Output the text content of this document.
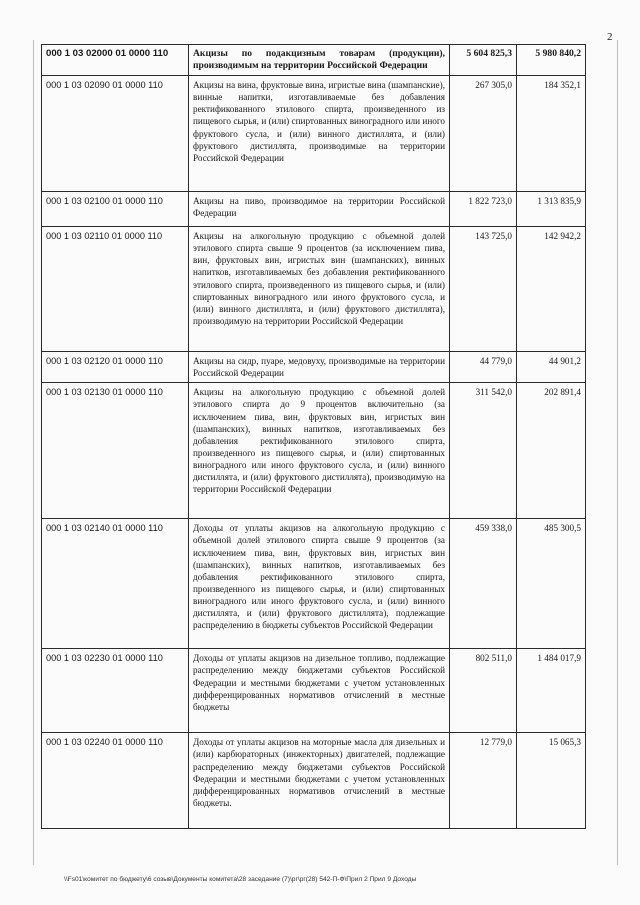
2
000 1 03 02000 01 0000 110	Акцизы по подакцизным товарам (продукции), производимым на территории Российской Федерации	5 604 825,3	5 980 840,2
000 1 03 02090 01 0000 110	Акцизы на вина, фруктовые вина, игристые вина (шампанские), винные напитки, изготавливаемые без добавления ректификованного этилового спирта, произведенного из пищевого сырья, и (или) спиртованных виноградного или иного фруктового сусла, и (или) винного дистиллята, и (или) фруктового дистиллята, производимые на территории Российской Федерации	267 305,0	184 352,1
000 1 03 02100 01 0000 110	Акцизы на пиво, производимое на территории Российской Федерации	1 822 723,0	1 313 835,9
000 1 03 02110 01 0000 110	Акцизы на алкогольную продукцию с объемной долей этилового спирта свыше 9 процентов (за исключением пива, вин, фруктовых вин, игристых вин (шампанских), винных напитков, изготавливаемых без добавления ректификованного этилового спирта, произведенного из пищевого сырья, и (или) спиртованных виноградного или иного фруктового сусла, и (или) винного дистиллята, и (или) фруктового дистиллята), производимую на территории Российской Федерации	143 725,0	142 942,2
000 1 03 02120 01 0000 110	Акцизы на сидр, пуаре, медовуху, производимые на территории Российской Федерации	44 779,0	44 901,2
000 1 03 02130 01 0000 110	Акцизы на алкогольную продукцию с объемной долей этилового спирта до 9 процентов включительно (за исключением пива, вин, фруктовых вин, игристых вин (шампанских), винных напитков, изготавливаемых без добавления ректификованного этилового спирта, произведенного из пищевого сырья, и (или) спиртованных виноградного или иного фруктового сусла, и (или) винного дистиллята, и (или) фруктового дистиллята), производимую на территории Российской Федерации	311 542,0	202 891,4
000 1 03 02140 01 0000 110	Доходы от уплаты акцизов на алкогольную продукцию с объемной долей этилового спирта свыше 9 процентов (за исключением пива, вин, фруктовых вин, игристых вин (шампанских), винных напитков, изготавливаемых без добавления ректификованного этилового спирта, произведенного из пищевого сырья, и (или) спиртованных виноградного или иного фруктового сусла, и (или) винного дистиллята, и (или) фруктового дистиллята), подлежащие распределению в бюджеты субъектов Российской Федерации	459 338,0	485 300,5
000 1 03 02230 01 0000 110	Доходы от уплаты акцизов на дизельное топливо, подлежащие распределению между бюджетами субъектов Российской Федерации и местными бюджетами с учетом установленных дифференцированных нормативов отчислений в местные бюджеты	802 511,0	1 484 017,9
000 1 03 02240 01 0000 110	Доходы от уплаты акцизов на моторные масла для дизельных и (или) карбюраторных (инжекторных) двигателей, подлежащие распределению между бюджетами субъектов Российской Федерации и местными бюджетами с учетом установленных дифференцированных нормативов отчислений в местные бюджеты.	12 779,0	15 065,3
\\Fs01\комитет по бюджету\6 созыв\Документы комитета\28 заседание (7)\рг\рг(28) 542-П-Ф\Прил 2 Прил 9 Доходы
